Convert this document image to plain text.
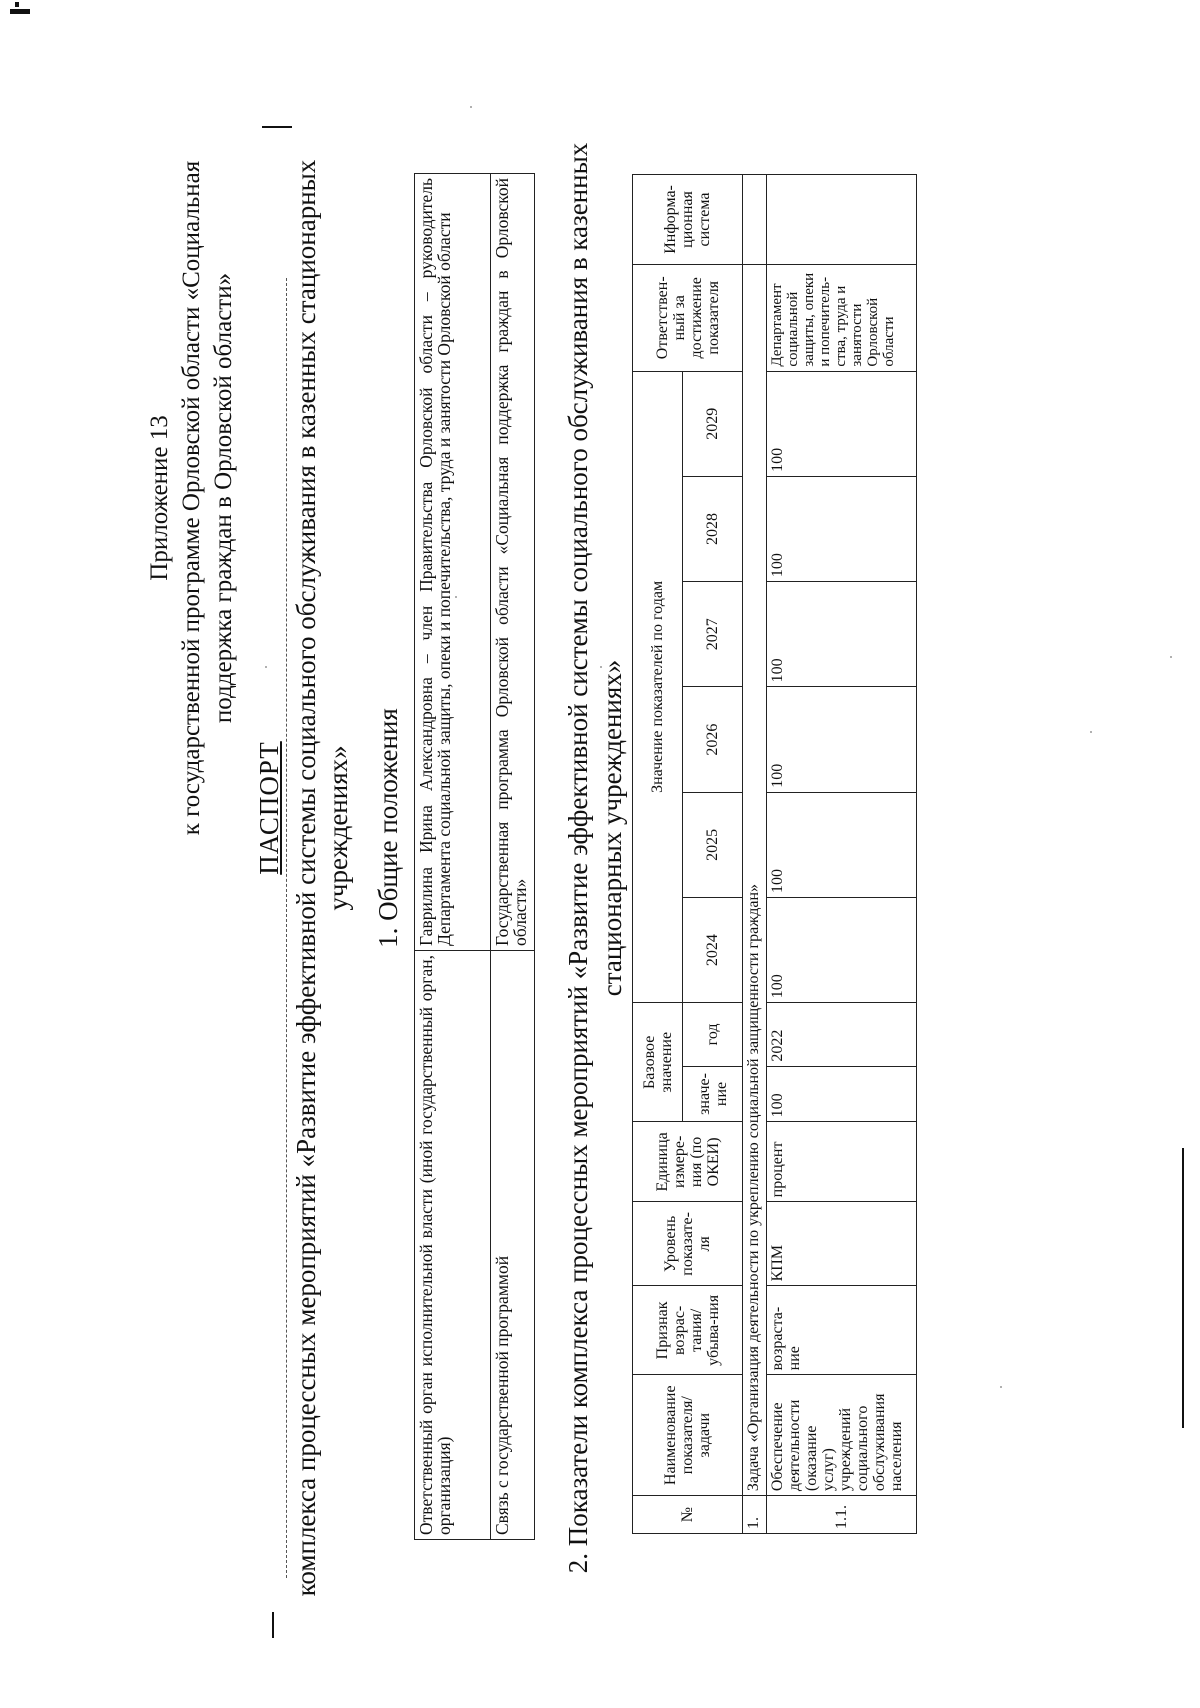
Приложение 13 к государственной программе Орловской области «Социальная поддержка граждан в Орловской области»
ПАСПОРТ комплекса процессных мероприятий «Развитие эффективной системы социального обслуживания в казенных стационарных учреждениях» 1. Общие положения
Ответственный орган исполнительной власти (иной государственный орган, организация)	Гаврилина Ирина Александровна – член Правительства Орловской области – руководитель Департамента социальной защиты, опеки и попечительства, труда и занятости Орловской области
Связь с государственной программой	Государственная программа Орловской области «Социальная поддержка граждан в Орловской области» 2. Показатели комплекса процессных мероприятий «Развитие эффективной системы социального обслуживания в казенных стационарных учреждениях»
№	Наименование показателя/задачи	Признак возрас-тания/ убыва-ния	Уровень показате-ля	Единица измере-ния (по ОКЕИ)	Базовое значение		Значение показателей по годам						Ответствен-ный за достижение показателя	Информа-ционная система
					значе-ние	год	2024	2025	2026	2027	2028	2029		
1.	Задача «Организация деятельности по укреплению социальной защищенности граждан»													
1.1.	Обеспечение деятельности (оказание услуг) учреждений социального обслуживания населения	возраста-ние	КПМ	процент	100	2022	100	100	100	100	100	100	Департамент социальной защиты, опеки и попечитель-ства, труда и занятости Орловской области	
